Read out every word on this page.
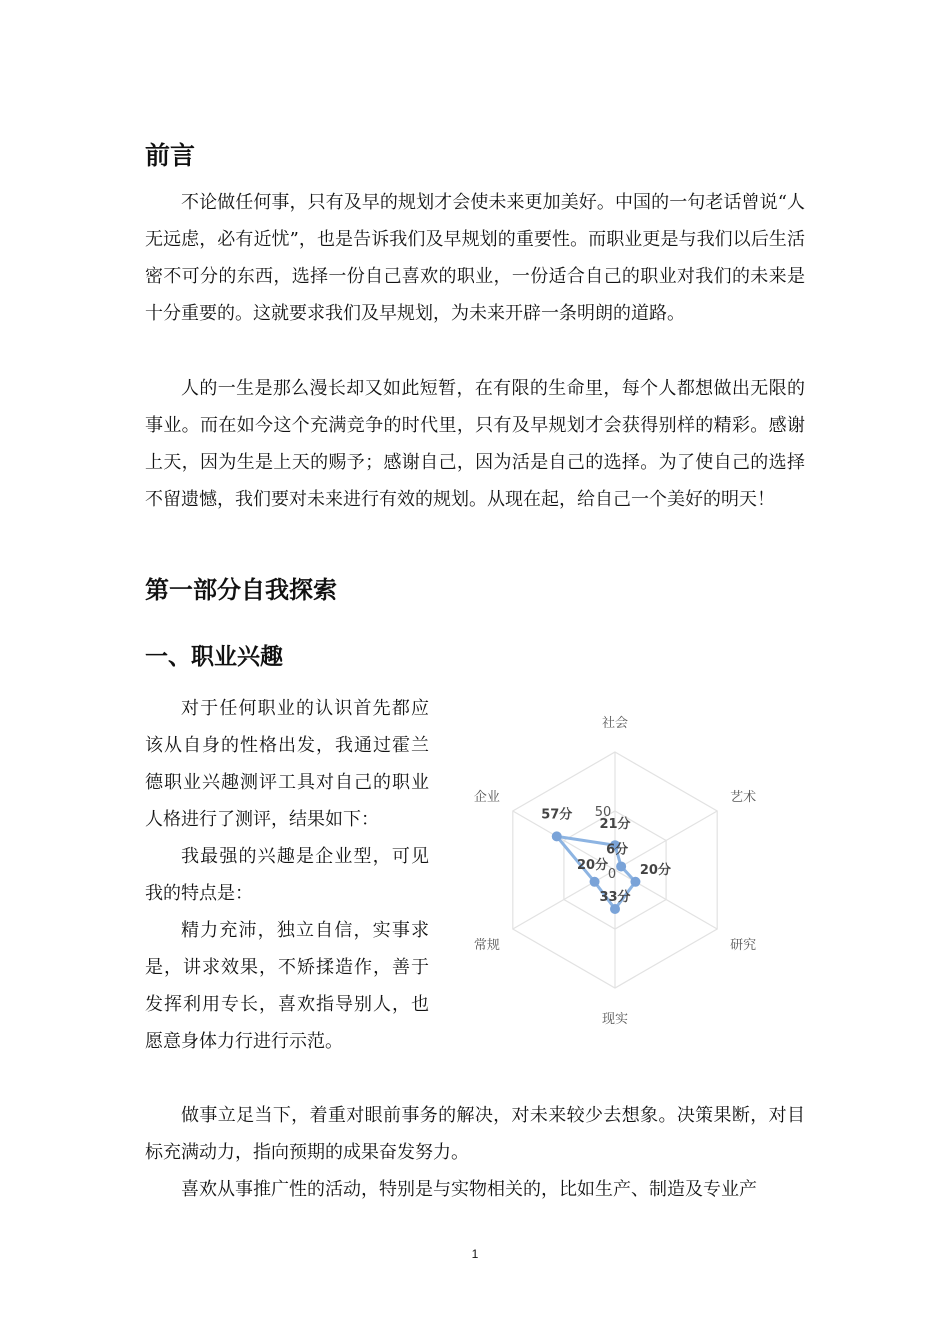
前言

不论做任何事，只有及早的规划才会使未来更加美好。中国的一句老话曾说“人无远虑，必有近忧”，也是告诉我们及早规划的重要性。而职业更是与我们以后生活密不可分的东西，选择一份自己喜欢的职业，一份适合自己的职业对我们的未来是十分重要的。这就要求我们及早规划，为未来开辟一条明朗的道路。

人的一生是那么漫长却又如此短暂，在有限的生命里，每个人都想做出无限的事业。而在如今这个充满竞争的时代里，只有及早规划才会获得别样的精彩。感谢上天，因为生是上天的赐予；感谢自己，因为活是自己的选择。为了使自己的选择不留遗憾，我们要对未来进行有效的规划。从现在起，给自己一个美好的明天！

第一部分自我探索
一、职业兴趣

对于任何职业的认识首先都应该从自身的性格出发，我通过霍兰德职业兴趣测评工具对自己的职业人格进行了测评，结果如下：

我最强的兴趣是企业型，可见我的特点是：

精力充沛，独立自信，实事求是，讲求效果，不矫揉造作，善于发挥利用专长，喜欢指导别人，也愿意身体力行进行示范。

社会
艺术
研究
现实
常规
企业
50
0
21分
6分
20分
33分
20分
57分

做事立足当下，着重对眼前事务的解决，对未来较少去想象。决策果断，对目标充满动力，指向预期的成果奋发努力。

喜欢从事推广性的活动，特别是与实物相关的，比如生产、制造及专业产

1
